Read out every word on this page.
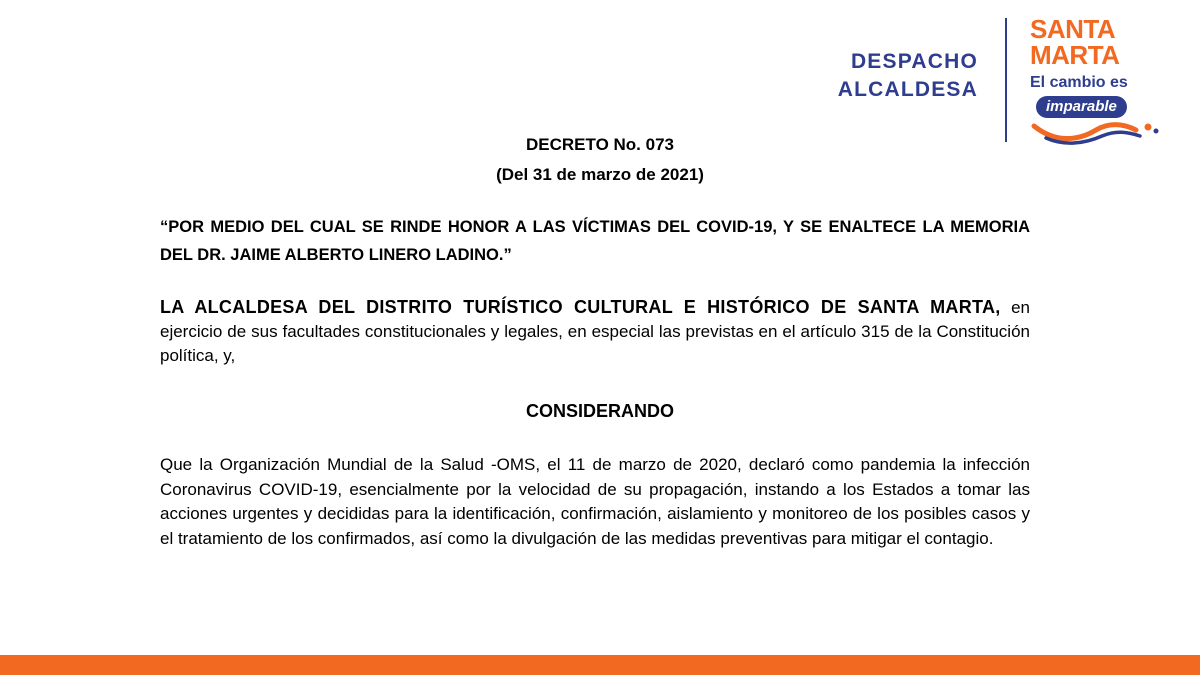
DESPACHO
ALCALDESA
SANTA MARTA
El cambio es
imparable
DECRETO No. 073
(Del 31 de marzo de 2021)
“POR MEDIO DEL CUAL SE RINDE HONOR A LAS VÍCTIMAS DEL COVID-19, Y SE ENALTECE LA MEMORIA DEL DR. JAIME ALBERTO LINERO LADINO.”
LA ALCALDESA DEL DISTRITO TURÍSTICO CULTURAL E HISTÓRICO DE SANTA MARTA, en ejercicio de sus facultades constitucionales y legales, en especial las previstas en el artículo 315 de la Constitución política, y,
CONSIDERANDO
Que la Organización Mundial de la Salud -OMS, el 11 de marzo de 2020, declaró como pandemia la infección Coronavirus COVID-19, esencialmente por la velocidad de su propagación, instando a los Estados a tomar las acciones urgentes y decididas para la identificación, confirmación, aislamiento y monitoreo de los posibles casos y el tratamiento de los confirmados, así como la divulgación de las medidas preventivas para mitigar el contagio.
